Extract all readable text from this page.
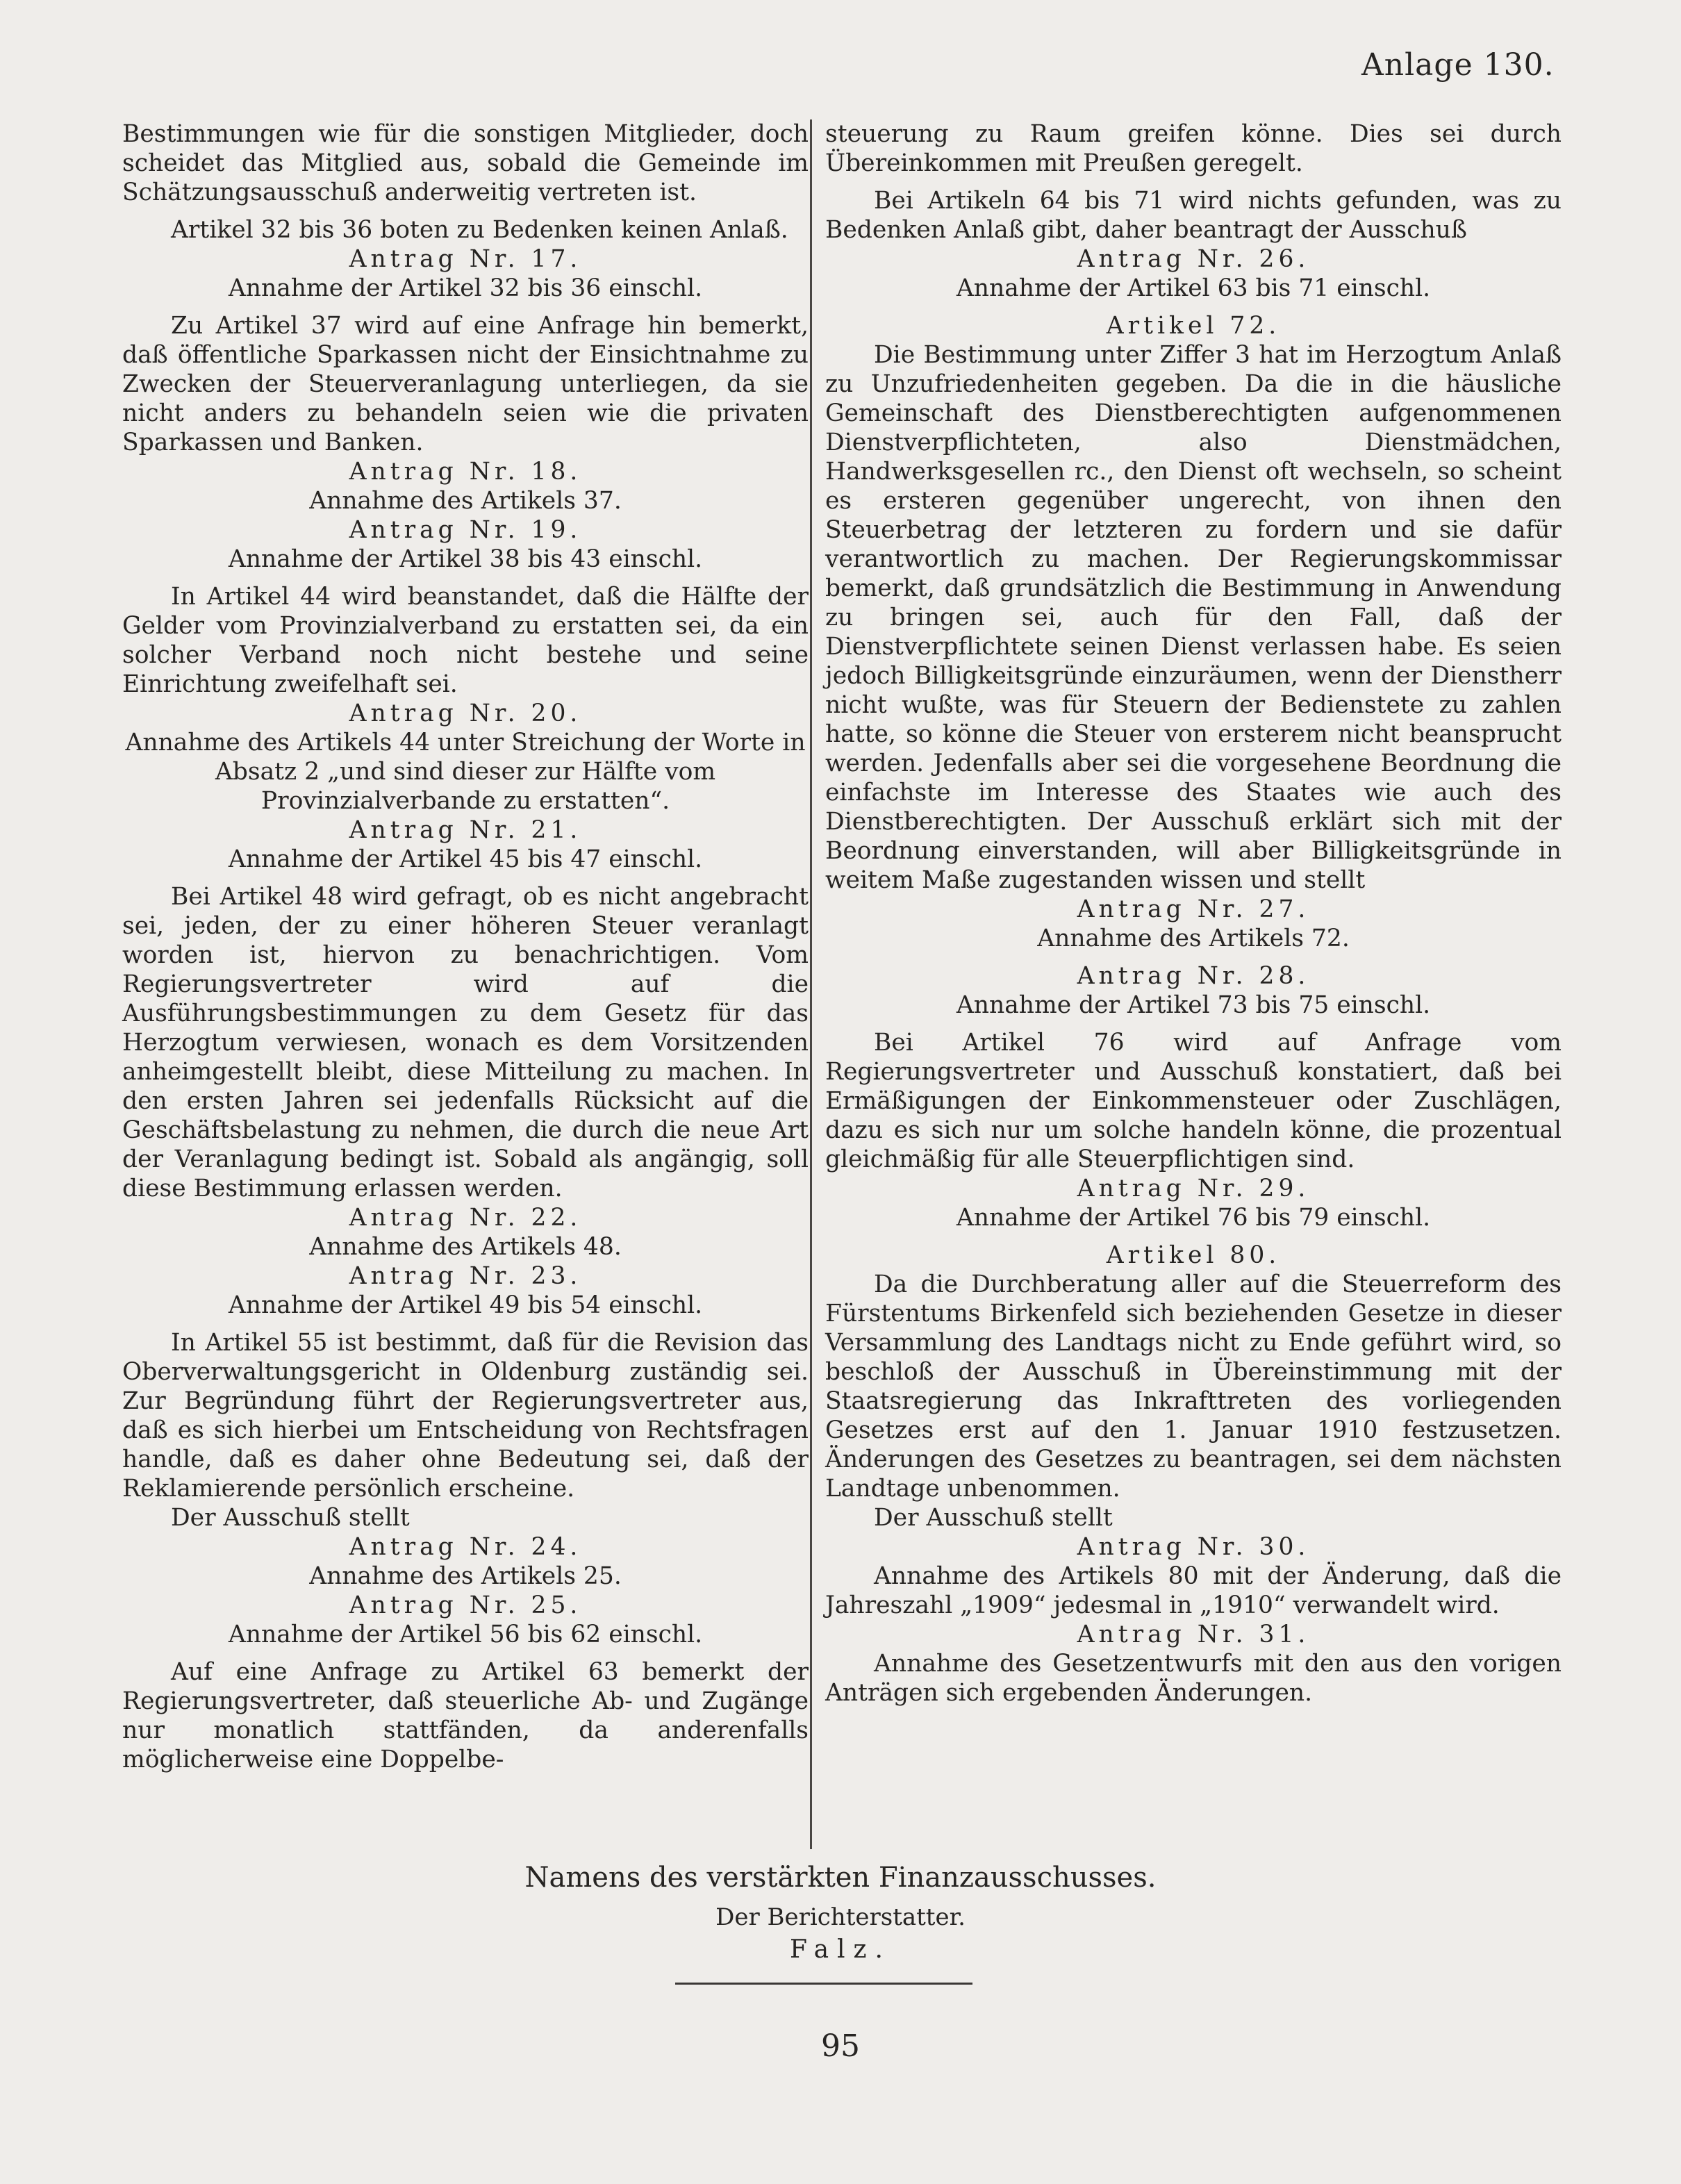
Anlage 130.

Bestimmungen wie für die sonstigen Mitglieder, doch scheidet das Mitglied aus, sobald die Gemeinde im Schätzungsausschuß anderweitig vertreten ist.

Artikel 32 bis 36 boten zu Bedenken keinen Anlaß.

Antrag Nr. 17.

Annahme der Artikel 32 bis 36 einschl.

Zu Artikel 37 wird auf eine Anfrage hin bemerkt, daß öffentliche Sparkassen nicht der Einsichtnahme zu Zwecken der Steuerveranlagung unterliegen, da sie nicht anders zu behandeln seien wie die privaten Sparkassen und Banken.

Antrag Nr. 18.

Annahme des Artikels 37.

Antrag Nr. 19.

Annahme der Artikel 38 bis 43 einschl.

In Artikel 44 wird beanstandet, daß die Hälfte der Gelder vom Provinzialverband zu erstatten sei, da ein solcher Verband noch nicht bestehe und seine Einrichtung zweifelhaft sei.

Antrag Nr. 20.

Annahme des Artikels 44 unter Streichung der Worte in Absatz 2 „und sind dieser zur Hälfte vom Provinzialverbande zu erstatten“.

Antrag Nr. 21.

Annahme der Artikel 45 bis 47 einschl.

Bei Artikel 48 wird gefragt, ob es nicht angebracht sei, jeden, der zu einer höheren Steuer veranlagt worden ist, hiervon zu benachrichtigen. Vom Regierungsvertreter wird auf die Ausführungsbestimmungen zu dem Gesetz für das Herzogtum verwiesen, wonach es dem Vorsitzenden anheimgestellt bleibt, diese Mitteilung zu machen. In den ersten Jahren sei jedenfalls Rücksicht auf die Geschäftsbelastung zu nehmen, die durch die neue Art der Veranlagung bedingt ist. Sobald als angängig, soll diese Bestimmung erlassen werden.

Antrag Nr. 22.

Annahme des Artikels 48.

Antrag Nr. 23.

Annahme der Artikel 49 bis 54 einschl.

In Artikel 55 ist bestimmt, daß für die Revision das Oberverwaltungsgericht in Oldenburg zuständig sei. Zur Begründung führt der Regierungsvertreter aus, daß es sich hierbei um Entscheidung von Rechtsfragen handle, daß es daher ohne Bedeutung sei, daß der Reklamierende persönlich erscheine.

Der Ausschuß stellt

Antrag Nr. 24.

Annahme des Artikels 25.

Antrag Nr. 25.

Annahme der Artikel 56 bis 62 einschl.

Auf eine Anfrage zu Artikel 63 bemerkt der Regierungsvertreter, daß steuerliche Ab- und Zugänge nur monatlich stattfänden, da anderenfalls möglicherweise eine Doppelbe-

steuerung zu Raum greifen könne. Dies sei durch Übereinkommen mit Preußen geregelt.

Bei Artikeln 64 bis 71 wird nichts gefunden, was zu Bedenken Anlaß gibt, daher beantragt der Ausschuß

Antrag Nr. 26.

Annahme der Artikel 63 bis 71 einschl.

Artikel 72.

Die Bestimmung unter Ziffer 3 hat im Herzogtum Anlaß zu Unzufriedenheiten gegeben. Da die in die häusliche Gemeinschaft des Dienstberechtigten aufgenommenen Dienstverpflichteten, also Dienstmädchen, Handwerksgesellen rc., den Dienst oft wechseln, so scheint es ersteren gegenüber ungerecht, von ihnen den Steuerbetrag der letzteren zu fordern und sie dafür verantwortlich zu machen. Der Regierungskommissar bemerkt, daß grundsätzlich die Bestimmung in Anwendung zu bringen sei, auch für den Fall, daß der Dienstverpflichtete seinen Dienst verlassen habe. Es seien jedoch Billigkeitsgründe einzuräumen, wenn der Dienstherr nicht wußte, was für Steuern der Bedienstete zu zahlen hatte, so könne die Steuer von ersterem nicht beansprucht werden. Jedenfalls aber sei die vorgesehene Beordnung die einfachste im Interesse des Staates wie auch des Dienstberechtigten. Der Ausschuß erklärt sich mit der Beordnung einverstanden, will aber Billigkeitsgründe in weitem Maße zugestanden wissen und stellt

Antrag Nr. 27.

Annahme des Artikels 72.

Antrag Nr. 28.

Annahme der Artikel 73 bis 75 einschl.

Bei Artikel 76 wird auf Anfrage vom Regierungsvertreter und Ausschuß konstatiert, daß bei Ermäßigungen der Einkommensteuer oder Zuschlägen, dazu es sich nur um solche handeln könne, die prozentual gleichmäßig für alle Steuerpflichtigen sind.

Antrag Nr. 29.

Annahme der Artikel 76 bis 79 einschl.

Artikel 80.

Da die Durchberatung aller auf die Steuerreform des Fürstentums Birkenfeld sich beziehenden Gesetze in dieser Versammlung des Landtags nicht zu Ende geführt wird, so beschloß der Ausschuß in Übereinstimmung mit der Staatsregierung das Inkrafttreten des vorliegenden Gesetzes erst auf den 1. Januar 1910 festzusetzen. Änderungen des Gesetzes zu beantragen, sei dem nächsten Landtage unbenommen.

Der Ausschuß stellt

Antrag Nr. 30.

Annahme des Artikels 80 mit der Änderung, daß die Jahreszahl „1909“ jedesmal in „1910“ verwandelt wird.

Antrag Nr. 31.

Annahme des Gesetzentwurfs mit den aus den vorigen Anträgen sich ergebenden Änderungen.

Namens des verstärkten Finanzausschusses.
Der Berichterstatter.
Falz.
95
